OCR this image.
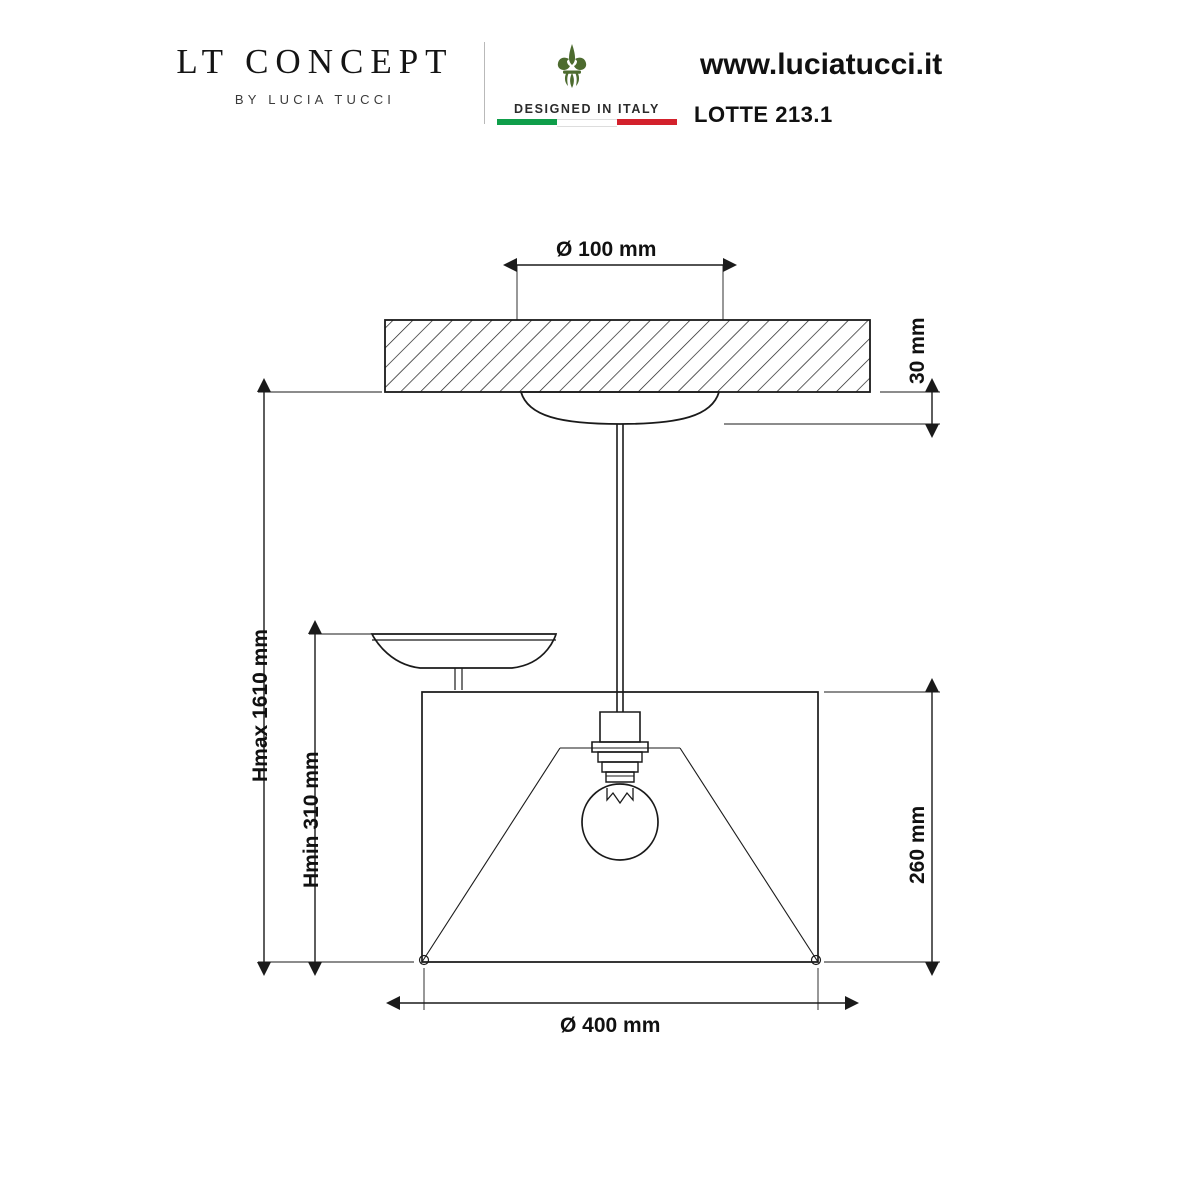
LT CONCEPT
BY LUCIA TUCCI
DESIGNED IN ITALY
www.luciatucci.it
LOTTE 213.1
Ø 100 mm
30 mm
Hmax 1610 mm
Hmin 310 mm	260 mm
Ø 400 mm
